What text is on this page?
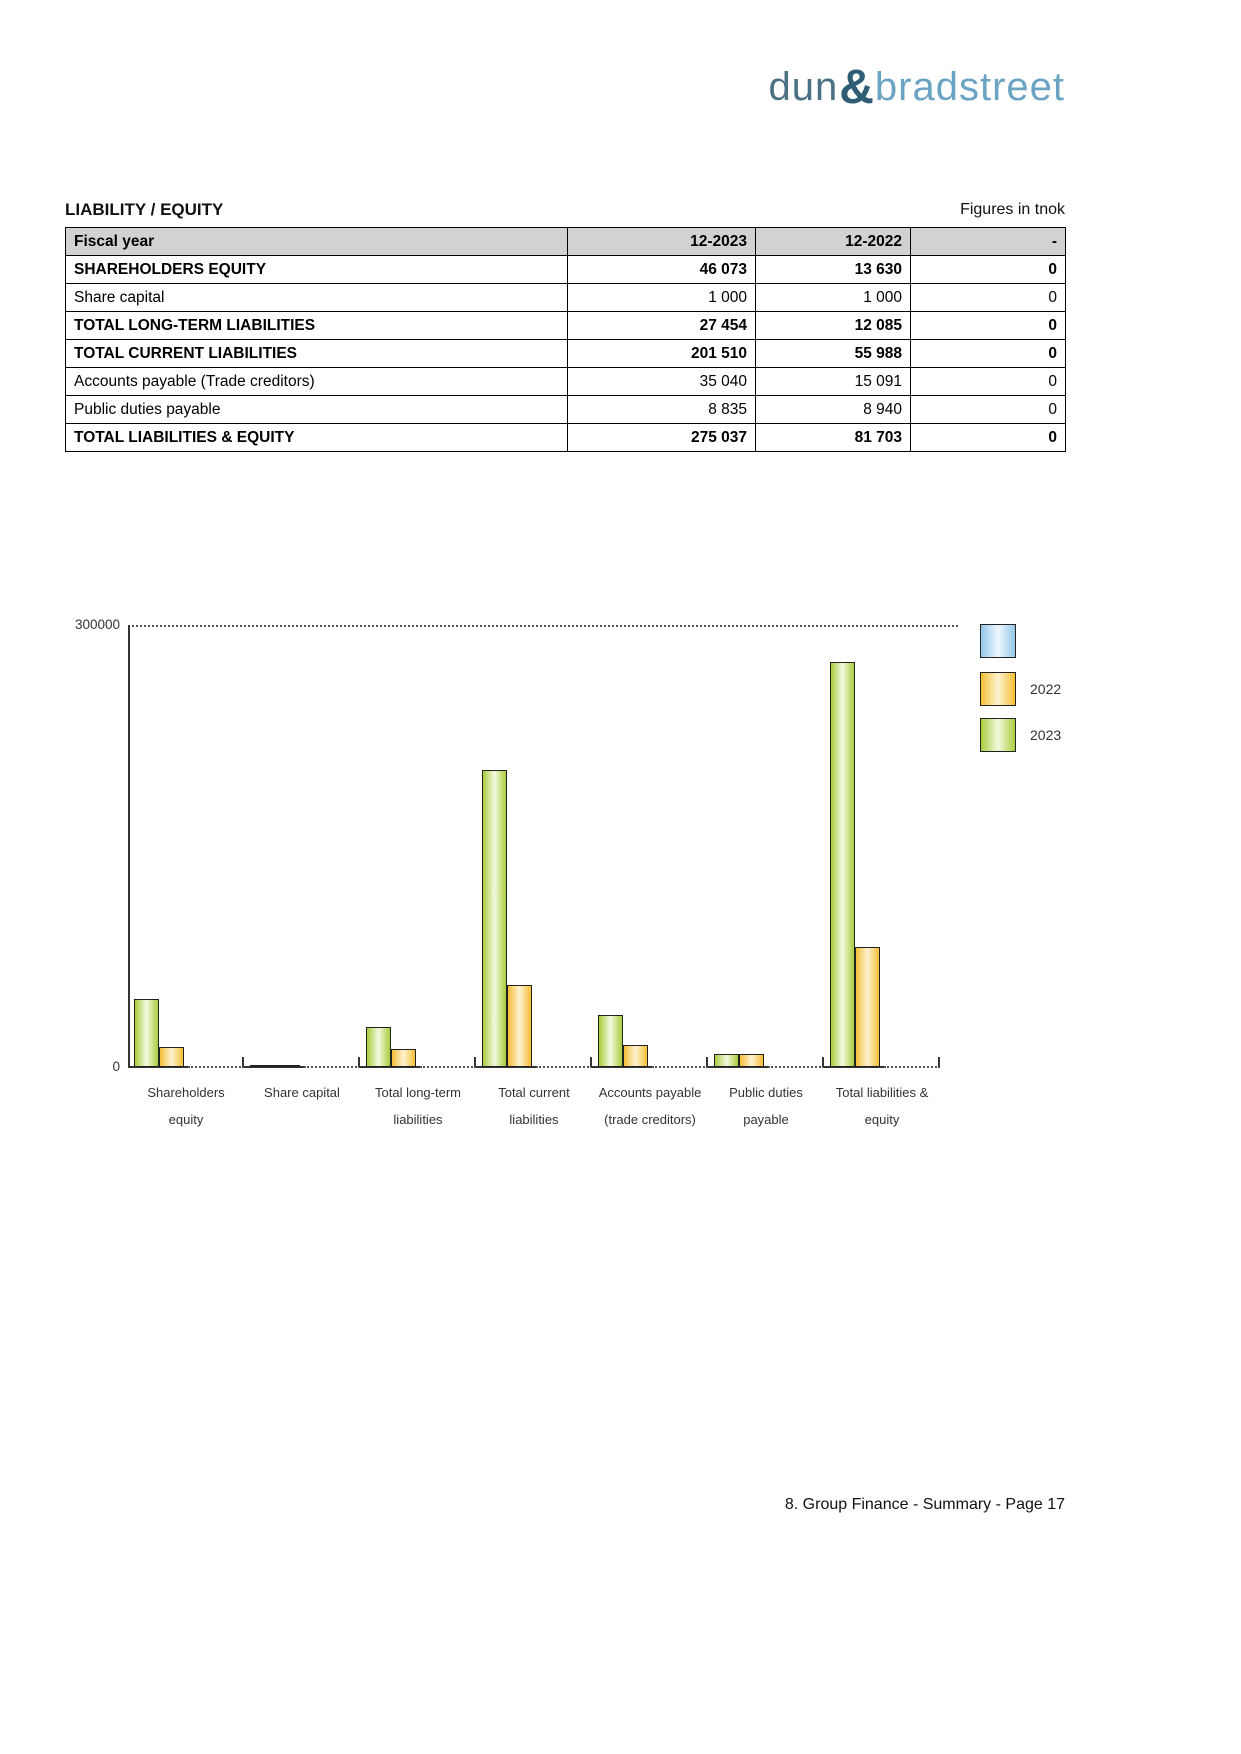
dun&bradstreet
LIABILITY / EQUITY	Figures in tnok
Fiscal year	12-2023	12-2022	-
SHAREHOLDERS EQUITY	46 073	13 630	0
Share capital	1 000	1 000	0
TOTAL LONG-TERM LIABILITIES	27 454	12 085	0
TOTAL CURRENT LIABILITIES	201 510	55 988	0
Accounts payable (Trade creditors)	35 040	15 091	0
Public duties payable	8 835	8 940	0
TOTAL LIABILITIES & EQUITY	275 037	81 703	0
300000
0
Shareholders
equity
Share capital	Total long-term
liabilities
Total current
liabilities
Accounts payable
(trade creditors)
Public duties
payable
Total liabilities &
equity
2022
2023
8. Group Finance - Summary - Page 17
